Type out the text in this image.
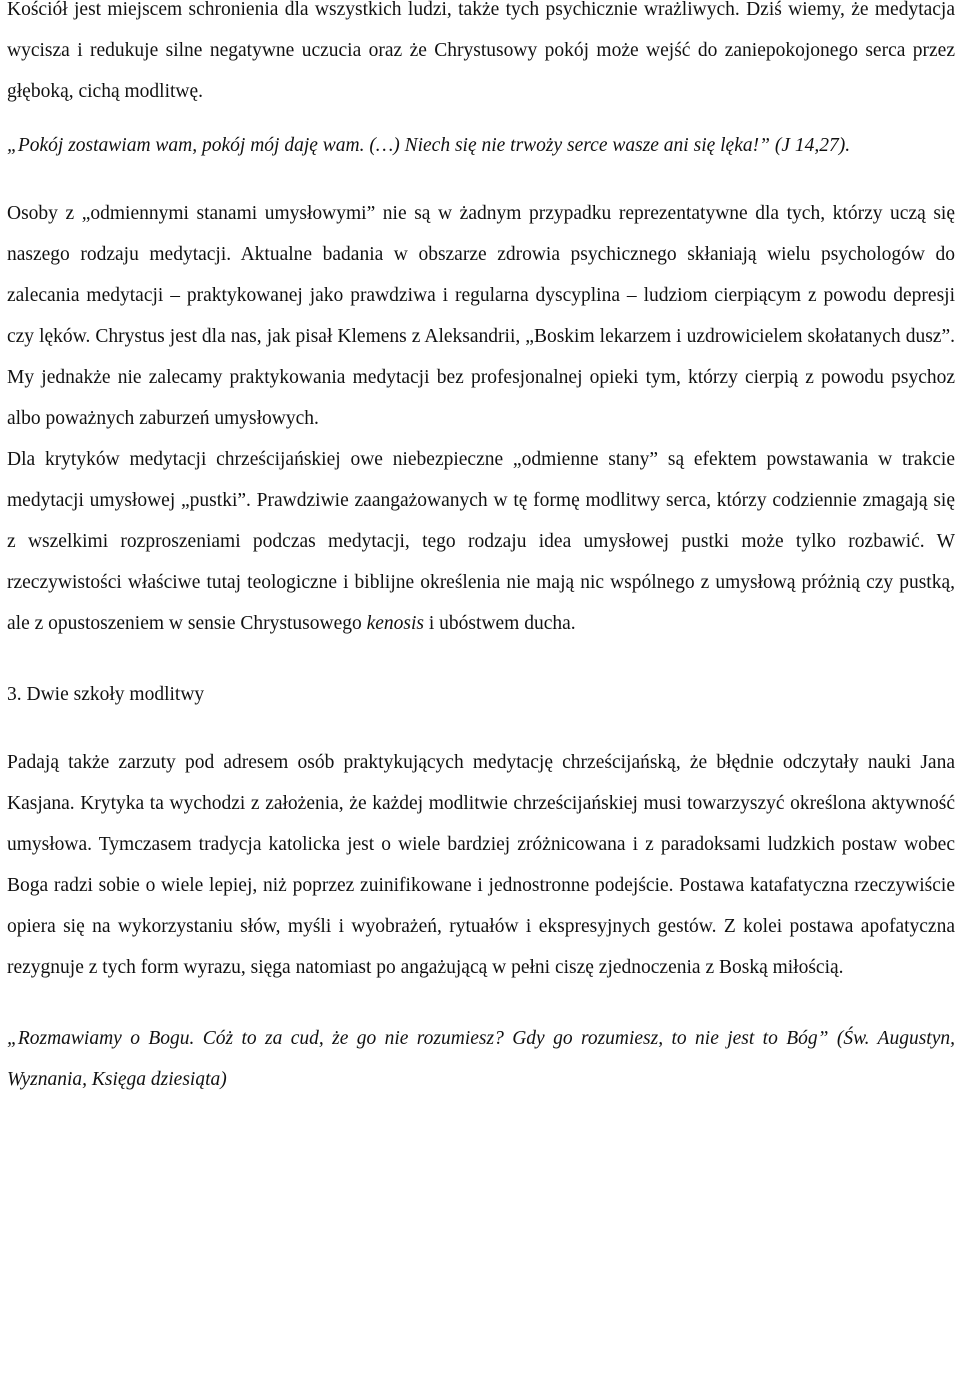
Kościół jest miejscem schronienia dla wszystkich ludzi, także tych psychicznie wrażliwych. Dziś wiemy, że medytacja wycisza i redukuje silne negatywne uczucia oraz że Chrystusowy pokój może wejść do zaniepokojonego serca przez głęboką, cichą modlitwę.

„Pokój zostawiam wam, pokój mój daję wam. (…) Niech się nie trwoży serce wasze ani się lęka!” (J 14,27).

Osoby z „odmiennymi stanami umysłowymi” nie są w żadnym przypadku reprezentatywne dla tych, którzy uczą się naszego rodzaju medytacji. Aktualne badania w obszarze zdrowia psychicznego skłaniają wielu psychologów do zalecania medytacji – praktykowanej jako prawdziwa i regularna dyscyplina – ludziom cierpiącym z powodu depresji czy lęków. Chrystus jest dla nas, jak pisał Klemens z Aleksandrii, „Boskim lekarzem i uzdrowicielem skołatanych dusz”. My jednakże nie zalecamy praktykowania medytacji bez profesjonalnej opieki tym, którzy cierpią z powodu psychoz albo poważnych zaburzeń umysłowych.

Dla krytyków medytacji chrześcijańskiej owe niebezpieczne „odmienne stany” są efektem powstawania w trakcie medytacji umysłowej „pustki”. Prawdziwie zaangażowanych w tę formę modlitwy serca, którzy codziennie zmagają się z wszelkimi rozproszeniami podczas medytacji, tego rodzaju idea umysłowej pustki może tylko rozbawić. W rzeczywistości właściwe tutaj teologiczne i biblijne określenia nie mają nic wspólnego z umysłową próżnią czy pustką, ale z opustoszeniem w sensie Chrystusowego kenosis i ubóstwem ducha.

3. Dwie szkoły modlitwy

Padają także zarzuty pod adresem osób praktykujących medytację chrześcijańską, że błędnie odczytały nauki Jana Kasjana. Krytyka ta wychodzi z założenia, że każdej modlitwie chrześcijańskiej musi towarzyszyć określona aktywność umysłowa. Tymczasem tradycja katolicka jest o wiele bardziej zróżnicowana i z paradoksami ludzkich postaw wobec Boga radzi sobie o wiele lepiej, niż poprzez zuinifikowane i jednostronne podejście. Postawa katafatyczna rzeczywiście opiera się na wykorzystaniu słów, myśli i wyobrażeń, rytuałów i ekspresyjnych gestów. Z kolei postawa apofatyczna rezygnuje z tych form wyrazu, sięga natomiast po angażującą w pełni ciszę zjednoczenia z Boską miłością.

„Rozmawiamy o Bogu. Cóż to za cud, że go nie rozumiesz? Gdy go rozumiesz, to nie jest to Bóg” (Św. Augustyn, Wyznania, Księga dziesiąta)
